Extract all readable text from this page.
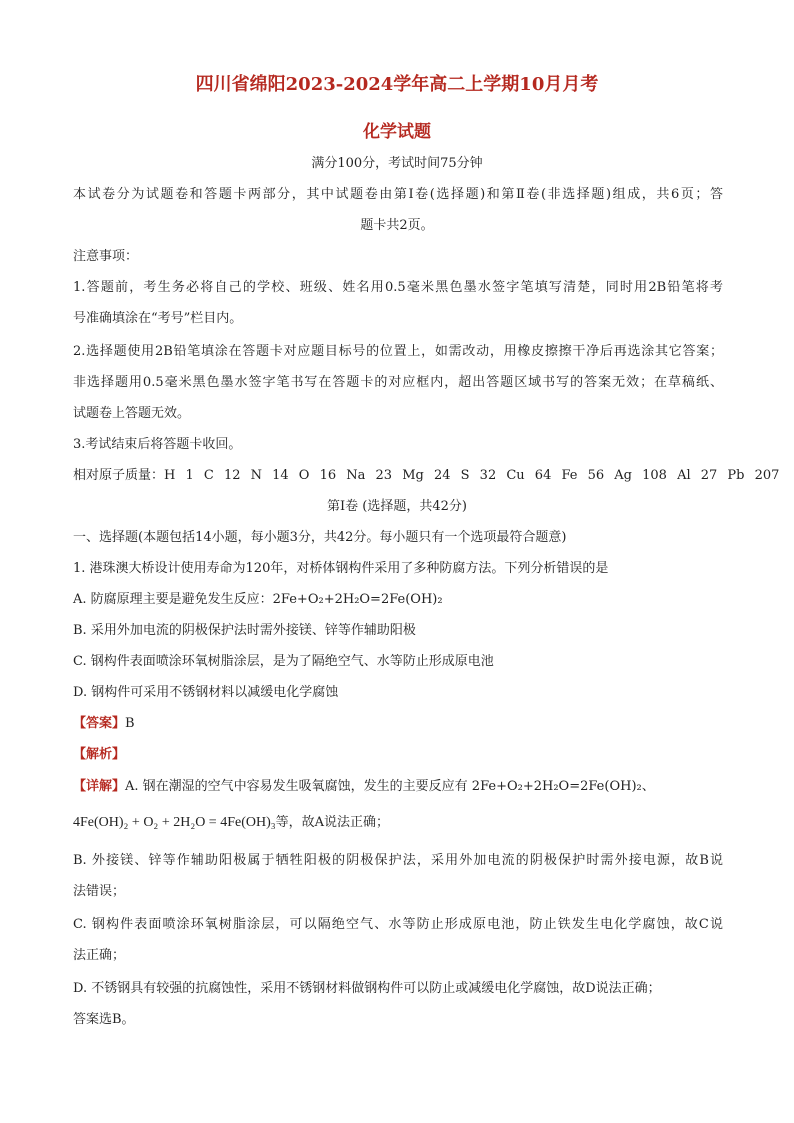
四川省绵阳2023-2024学年高二上学期10月月考
化学试题
满分100分，考试时间75分钟
本试卷分为试题卷和答题卡两部分，其中试题卷由第Ⅰ卷(选择题)和第Ⅱ卷(非选择题)组成，共6页；答
题卡共2页。
注意事项：
1.答题前，考生务必将自己的学校、班级、姓名用0.5毫米黑色墨水签字笔填写清楚，同时用2B铅笔将考
号准确填涂在“考号”栏目内。
2.选择题使用2B铅笔填涂在答题卡对应题目标号的位置上，如需改动，用橡皮擦擦干净后再选涂其它答案；
非选择题用0.5毫米黑色墨水签字笔书写在答题卡的对应框内，超出答题区域书写的答案无效；在草稿纸、
试题卷上答题无效。
3.考试结束后将答题卡收回。
相对原子质量：H 1 C 12 N 14 O 16 Na 23 Mg 24 S 32 Cu 64 Fe 56 Ag 108 Al 27 Pb 207
第Ⅰ卷 (选择题，共42分)
一、选择题(本题包括14小题，每小题3分，共42分。每小题只有一个选项最符合题意)
1. 港珠澳大桥设计使用寿命为120年，对桥体钢构件采用了多种防腐方法。下列分析错误的是
A. 防腐原理主要是避免发生反应：2Fe+O₂+2H₂O=2Fe(OH)₂
B. 采用外加电流的阴极保护法时需外接镁、锌等作辅助阳极
C. 钢构件表面喷涂环氧树脂涂层，是为了隔绝空气、水等防止形成原电池
D. 钢构件可采用不锈钢材料以减缓电化学腐蚀
【答案】B
【解析】
【详解】A. 钢在潮湿的空气中容易发生吸氧腐蚀，发生的主要反应有 2Fe+O₂+2H₂O=2Fe(OH)₂、
4Fe(OH)₂ + O₂ + 2H₂O = 4Fe(OH)₃等，故A说法正确；
B. 外接镁、锌等作辅助阳极属于牺牲阳极的阴极保护法，采用外加电流的阴极保护时需外接电源，故B说
法错误；
C. 钢构件表面喷涂环氧树脂涂层，可以隔绝空气、水等防止形成原电池，防止铁发生电化学腐蚀，故C说
法正确；
D. 不锈钢具有较强的抗腐蚀性，采用不锈钢材料做钢构件可以防止或减缓电化学腐蚀，故D说法正确；
答案选B。
